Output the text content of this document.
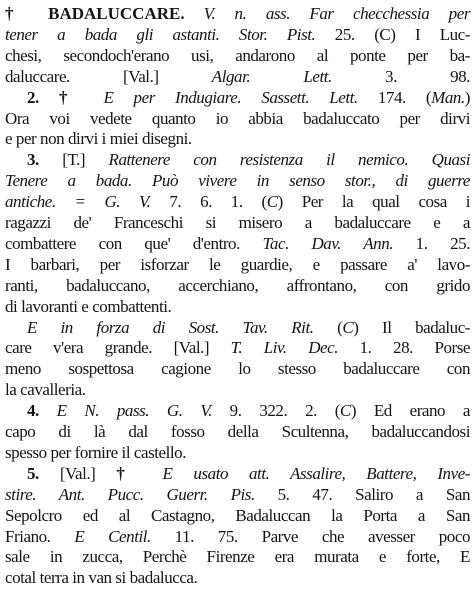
† BADALUCCARE. V. n. ass. Far checchessia per
tener a bada gli astanti. Stor. Pist. 25. (C) I Luc-
chesi, secondoch'erano usi, andarono al ponte per ba-
daluccare. [Val.] Algar. Lett. 3. 98.
2. † E per Indugiare. Sassett. Lett. 174. (Man.)
Ora voi vedete quanto io abbia badaluccato per dirvi
e per non dirvi i miei disegni.
3. [T.] Rattenere con resistenza il nemico. Quasi
Tenere a bada. Può vivere in senso stor., di guerre
antiche. = G. V. 7. 6. 1. (C) Per la qual cosa i
ragazzi de' Franceschi si misero a badaluccare e a
combattere con que' d'entro. Tac. Dav. Ann. 1. 25.
I barbari, per isforzar le guardie, e passare a' lavo-
ranti, badaluccano, accerchiano, affrontano, con grido
di lavoranti e combattenti.
E in forza di Sost. Tav. Rit. (C) Il badaluc-
care v'era grande. [Val.] T. Liv. Dec. 1. 28. Porse
meno sospettosa cagione lo stesso badaluccare con
la cavalleria.
4. E N. pass. G. V. 9. 322. 2. (C) Ed erano a
capo di là dal fosso della Scultenna, badaluccandosi
spesso per fornire il castello.
5. [Val.] † E usato att. Assalire, Battere, Inve-
stire. Ant. Pucc. Guerr. Pis. 5. 47. Saliro a San
Sepolcro ed al Castagno, Badaluccan la Porta a San
Friano. E Centil. 11. 75. Parve che avesser poco
sale in zucca, Perchè Firenze era murata e forte, E
cotal terra in van si badalucca.
